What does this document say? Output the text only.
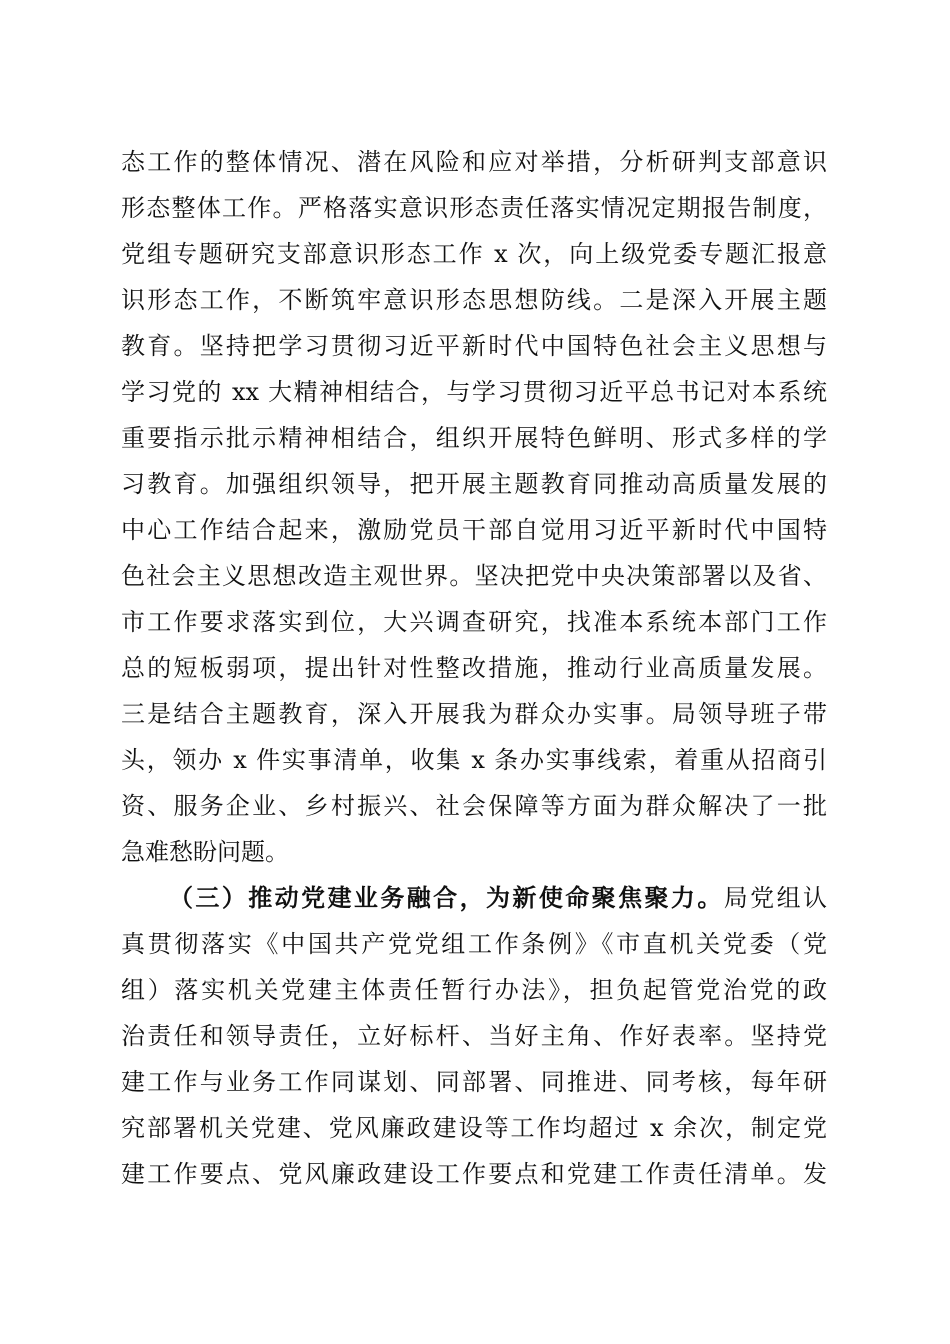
态工作的整体情况、潜在风险和应对举措，分析研判支部意识
形态整体工作。严格落实意识形态责任落实情况定期报告制度，
党组专题研究支部意识形态工作 x 次，向上级党委专题汇报意
识形态工作，不断筑牢意识形态思想防线。二是深入开展主题
教育。坚持把学习贯彻习近平新时代中国特色社会主义思想与
学习党的 xx 大精神相结合，与学习贯彻习近平总书记对本系统
重要指示批示精神相结合，组织开展特色鲜明、形式多样的学
习教育。加强组织领导，把开展主题教育同推动高质量发展的
中心工作结合起来，激励党员干部自觉用习近平新时代中国特
色社会主义思想改造主观世界。坚决把党中央决策部署以及省、
市工作要求落实到位，大兴调查研究，找准本系统本部门工作
总的短板弱项，提出针对性整改措施，推动行业高质量发展。
三是结合主题教育，深入开展我为群众办实事。局领导班子带
头，领办 x 件实事清单，收集 x 条办实事线索，着重从招商引
资、服务企业、乡村振兴、社会保障等方面为群众解决了一批
急难愁盼问题。
（三）推动党建业务融合，为新使命聚焦聚力。局党组认
真贯彻落实《中国共产党党组工作条例》《市直机关党委（党
组）落实机关党建主体责任暂行办法》，担负起管党治党的政
治责任和领导责任，立好标杆、当好主角、作好表率。坚持党
建工作与业务工作同谋划、同部署、同推进、同考核，每年研
究部署机关党建、党风廉政建设等工作均超过 x 余次，制定党
建工作要点、党风廉政建设工作要点和党建工作责任清单。发
